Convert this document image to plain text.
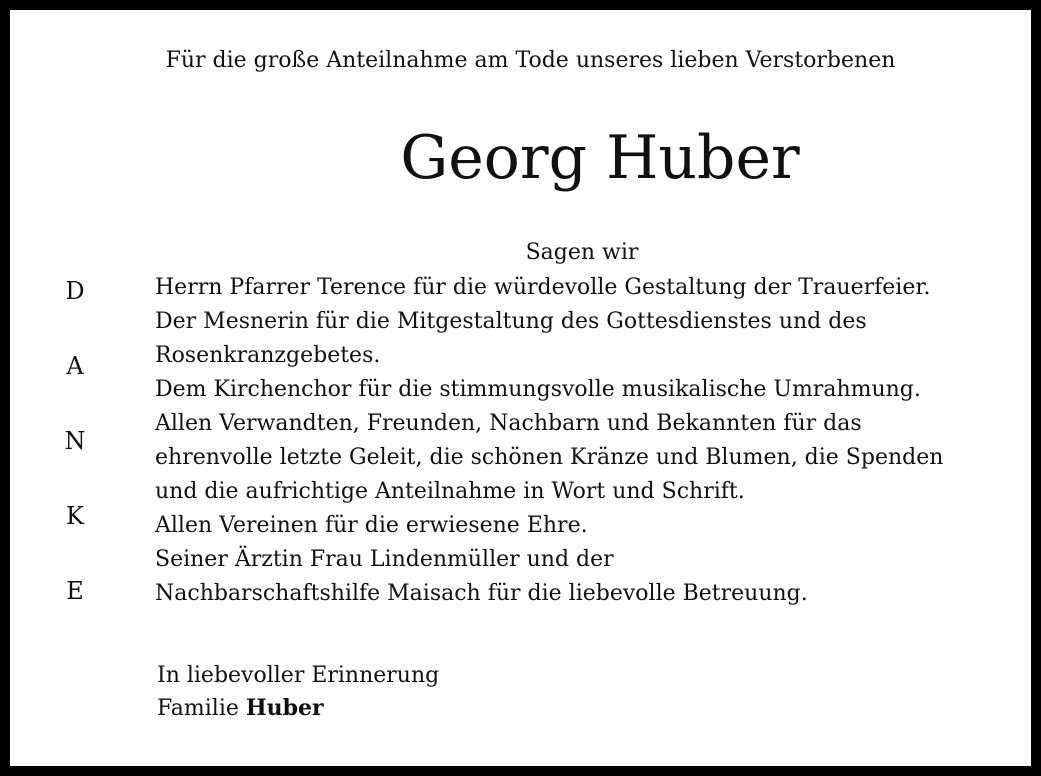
Für die große Anteilnahme am Tode unseres lieben Verstorbenen
Georg Huber
Sagen wir
D
A
N
K
E
Herrn Pfarrer Terence für die würdevolle Gestaltung der Trauerfeier.
Der Mesnerin für die Mitgestaltung des Gottesdienstes und des
Rosenkranzgebetes.
Dem Kirchenchor für die stimmungsvolle musikalische Umrahmung.
Allen Verwandten, Freunden, Nachbarn und Bekannten für das
ehrenvolle letzte Geleit, die schönen Kränze und Blumen, die Spenden
und die aufrichtige Anteilnahme in Wort und Schrift.
Allen Vereinen für die erwiesene Ehre.
Seiner Ärztin Frau Lindenmüller und der
Nachbarschaftshilfe Maisach für die liebevolle Betreuung.
In liebevoller Erinnerung
Familie Huber
